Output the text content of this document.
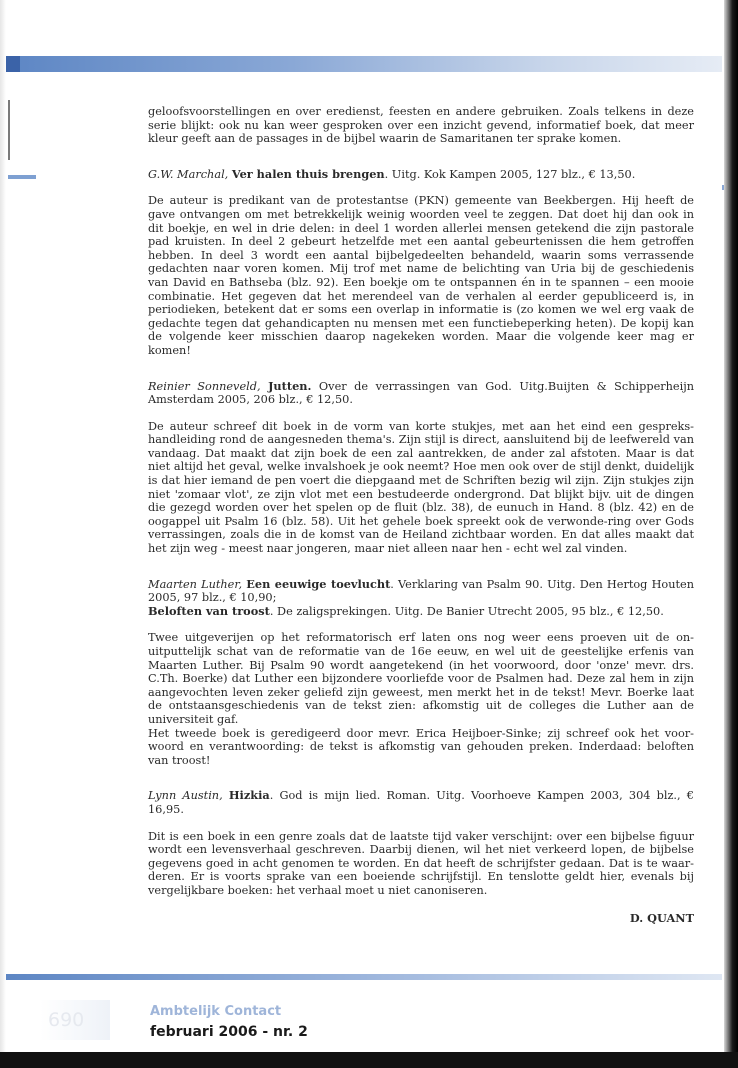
geloofsvoorstellingen en over eredienst, feesten en andere gebruiken. Zoals telkens in deze serie blijkt: ook nu kan weer gesproken over een inzicht gevend, informatief boek, dat meer kleur geeft aan de passages in de bijbel waarin de Samaritanen ter sprake komen.

G.W. Marchal, Ver halen thuis brengen. Uitg. Kok Kampen 2005, 127 blz., € 13,50.

De auteur is predikant van de protestantse (PKN) gemeente van Beekbergen. Hij heeft de gave ontvangen om met betrekkelijk weinig woorden veel te zeggen. Dat doet hij dan ook in dit boekje, en wel in drie delen: in deel 1 worden allerlei mensen getekend die zijn pastorale pad kruisten. In deel 2 gebeurt hetzelfde met een aantal gebeurtenissen die hem getroffen hebben. In deel 3 wordt een aantal bijbelgedeelten behandeld, waarin soms verrassende gedachten naar voren komen. Mij trof met name de belichting van Uria bij de geschiedenis van David en Bathseba (blz. 92). Een boekje om te ontspannen én in te spannen – een mooie combinatie. Het gegeven dat het merendeel van de verhalen al eerder gepubliceerd is, in periodieken, betekent dat er soms een overlap in informatie is (zo komen we wel erg vaak de gedachte tegen dat gehandicapten nu mensen met een functiebeperking heten). De kopij kan de volgende keer misschien daarop nagekeken worden. Maar die volgende keer mag er komen!

Reinier Sonneveld, Jutten. Over de verrassingen van God. Uitg.Buijten & Schipperheijn Amsterdam 2005, 206 blz., € 12,50.

De auteur schreef dit boek in de vorm van korte stukjes, met aan het eind een gespreks-handleiding rond de aangesneden thema's. Zijn stijl is direct, aansluitend bij de leefwereld van vandaag. Dat maakt dat zijn boek de een zal aantrekken, de ander zal afstoten. Maar is dat niet altijd het geval, welke invalshoek je ook neemt? Hoe men ook over de stijl denkt, duidelijk is dat hier iemand de pen voert die diepgaand met de Schriften bezig wil zijn. Zijn stukjes zijn niet 'zomaar vlot', ze zijn vlot met een bestudeerde ondergrond. Dat blijkt bijv. uit de dingen die gezegd worden over het spelen op de fluit (blz. 38), de eunuch in Hand. 8 (blz. 42) en de oogappel uit Psalm 16 (blz. 58). Uit het gehele boek spreekt ook de verwonde-ring over Gods verrassingen, zoals die in de komst van de Heiland zichtbaar worden. En dat alles maakt dat het zijn weg - meest naar jongeren, maar niet alleen naar hen - echt wel zal vinden.

Maarten Luther, Een eeuwige toevlucht. Verklaring van Psalm 90. Uitg. Den Hertog Houten 2005, 97 blz., € 10,90;

Beloften van troost. De zaligsprekingen. Uitg. De Banier Utrecht 2005, 95 blz., € 12,50.

Twee uitgeverijen op het reformatorisch erf laten ons nog weer eens proeven uit de on-uitputtelijk schat van de reformatie van de 16e eeuw, en wel uit de geestelijke erfenis van Maarten Luther. Bij Psalm 90 wordt aangetekend (in het voorwoord, door 'onze' mevr. drs. C.Th. Boerke) dat Luther een bijzondere voorliefde voor de Psalmen had. Deze zal hem in zijn aangevochten leven zeker geliefd zijn geweest, men merkt het in de tekst! Mevr. Boerke laat de ontstaansgeschiedenis van de tekst zien: afkomstig uit de colleges die Luther aan de universiteit gaf.

Het tweede boek is geredigeerd door mevr. Erica Heijboer-Sinke; zij schreef ook het voor-woord en verantwoording: de tekst is afkomstig van gehouden preken. Inderdaad: beloften van troost!

Lynn Austin, Hizkia. God is mijn lied. Roman. Uitg. Voorhoeve Kampen 2003, 304 blz., € 16,95.

Dit is een boek in een genre zoals dat de laatste tijd vaker verschijnt: over een bijbelse figuur wordt een levensverhaal geschreven. Daarbij dienen, wil het niet verkeerd lopen, de bijbelse gegevens goed in acht genomen te worden. En dat heeft de schrijfster gedaan. Dat is te waar-deren. Er is voorts sprake van een boeiende schrijfstijl. En tenslotte geldt hier, evenals bij vergelijkbare boeken: het verhaal moet u niet canoniseren.

D. QUANT

690	Ambtelijk Contact
februari 2006 - nr. 2
